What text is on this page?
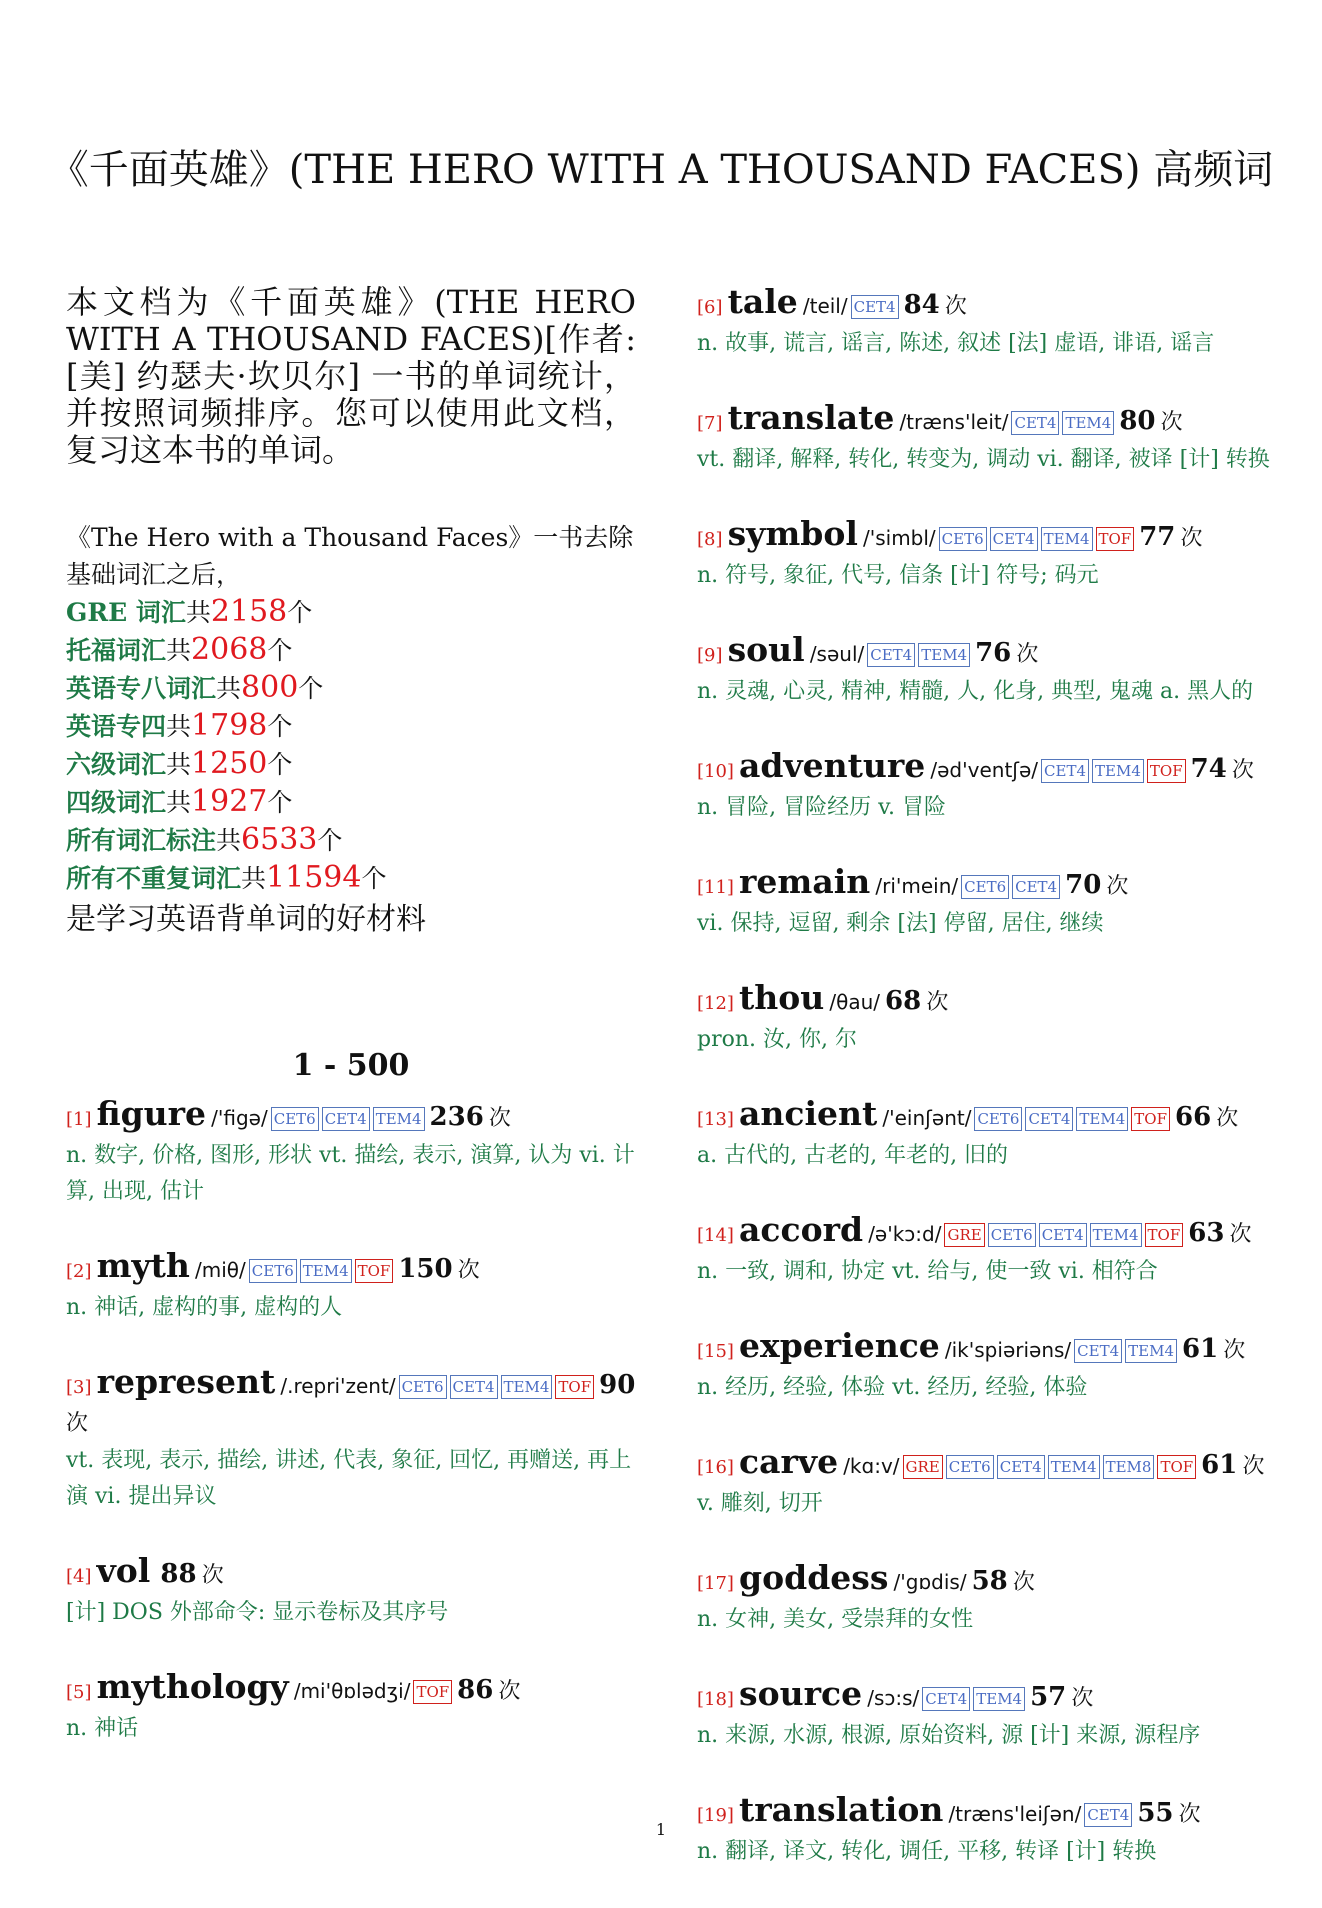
《千面英雄》(THE HERO WITH A THOUSAND FACES) 高频词
本文档为《千面英雄》(THE HERO WITH A THOUSAND FACES)[作者: [美] 约瑟夫·坎贝尔] 一书的单词统计，并按照词频排序。您可以使用此文档，复习这本书的单词。
《The Hero with a Thousand Faces》一书去除基础词汇之后，
GRE 词汇共2158个
托福词汇共2068个
英语专八词汇共800个
英语专四共1798个
六级词汇共1250个
四级词汇共1927个
所有词汇标注共6533个
所有不重复词汇共11594个
是学习英语背单词的好材料
1 - 500
[1] figure /'figə/ CET6 CET4 TEM4 236 次
n. 数字, 价格, 图形, 形状 vt. 描绘, 表示, 演算, 认为 vi. 计算, 出现, 估计
[2] myth /miθ/ CET6 TEM4 TOF 150 次
n. 神话, 虚构的事, 虚构的人
[3] represent /.repri'zent/ CET6 CET4 TEM4 TOF 90 次
vt. 表现, 表示, 描绘, 讲述, 代表, 象征, 回忆, 再赠送, 再上演 vi. 提出异议
[4] vol 88 次
[计] DOS 外部命令: 显示卷标及其序号
[5] mythology /mi'θɒlədʒi/ TOF 86 次
n. 神话
[6] tale /teil/ CET4 84 次
n. 故事, 谎言, 谣言, 陈述, 叙述 [法] 虚语, 诽语, 谣言
[7] translate /træns'leit/ CET4 TEM4 80 次
vt. 翻译, 解释, 转化, 转变为, 调动 vi. 翻译, 被译 [计] 转换
[8] symbol /'simbl/ CET6 CET4 TEM4 TOF 77 次
n. 符号, 象征, 代号, 信条 [计] 符号; 码元
[9] soul /səul/ CET4 TEM4 76 次
n. 灵魂, 心灵, 精神, 精髓, 人, 化身, 典型, 鬼魂 a. 黑人的
[10] adventure /əd'ventʃə/ CET4 TEM4 TOF 74 次
n. 冒险, 冒险经历 v. 冒险
[11] remain /ri'mein/ CET6 CET4 70 次
vi. 保持, 逗留, 剩余 [法] 停留, 居住, 继续
[12] thou /θau/ 68 次
pron. 汝, 你, 尔
[13] ancient /'einʃənt/ CET6 CET4 TEM4 TOF 66 次
a. 古代的, 古老的, 年老的, 旧的
[14] accord /ə'kɔ:d/ GRE CET6 CET4 TEM4 TOF 63 次
n. 一致, 调和, 协定 vt. 给与, 使一致 vi. 相符合
[15] experience /ik'spiəriəns/ CET4 TEM4 61 次
n. 经历, 经验, 体验 vt. 经历, 经验, 体验
[16] carve /kɑ:v/ GRE CET6 CET4 TEM4 TEM8 TOF 61 次
v. 雕刻, 切开
[17] goddess /'gɒdis/ 58 次
n. 女神, 美女, 受崇拜的女性
[18] source /sɔ:s/ CET4 TEM4 57 次
n. 来源, 水源, 根源, 原始资料, 源 [计] 来源, 源程序
[19] translation /træns'leiʃən/ CET4 55 次
n. 翻译, 译文, 转化, 调任, 平移, 转译 [计] 转换
1
